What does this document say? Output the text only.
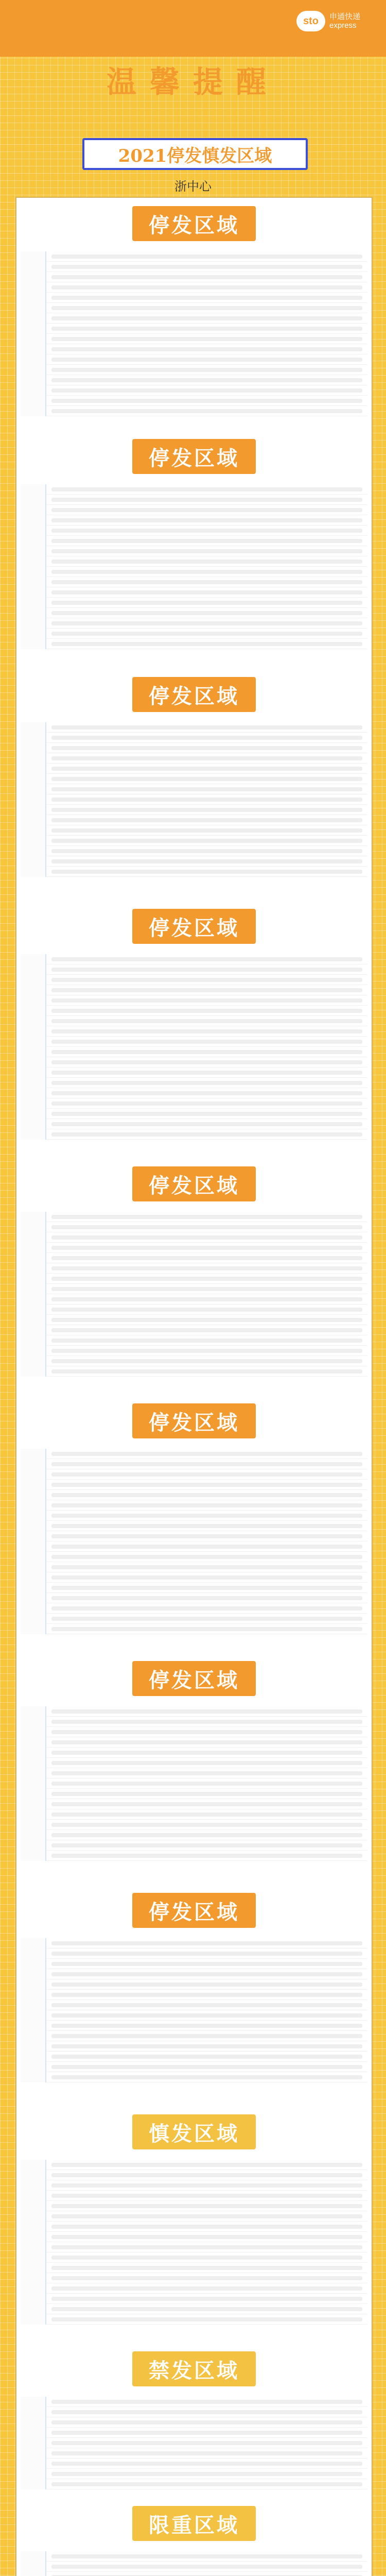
sto	申通快递
express
温馨提醒
2021停发慎发区域
浙中心
停发区域
停发区域
停发区域
停发区域
停发区域
停发区域
停发区域
停发区域
慎发区域
禁发区域
限重区域
